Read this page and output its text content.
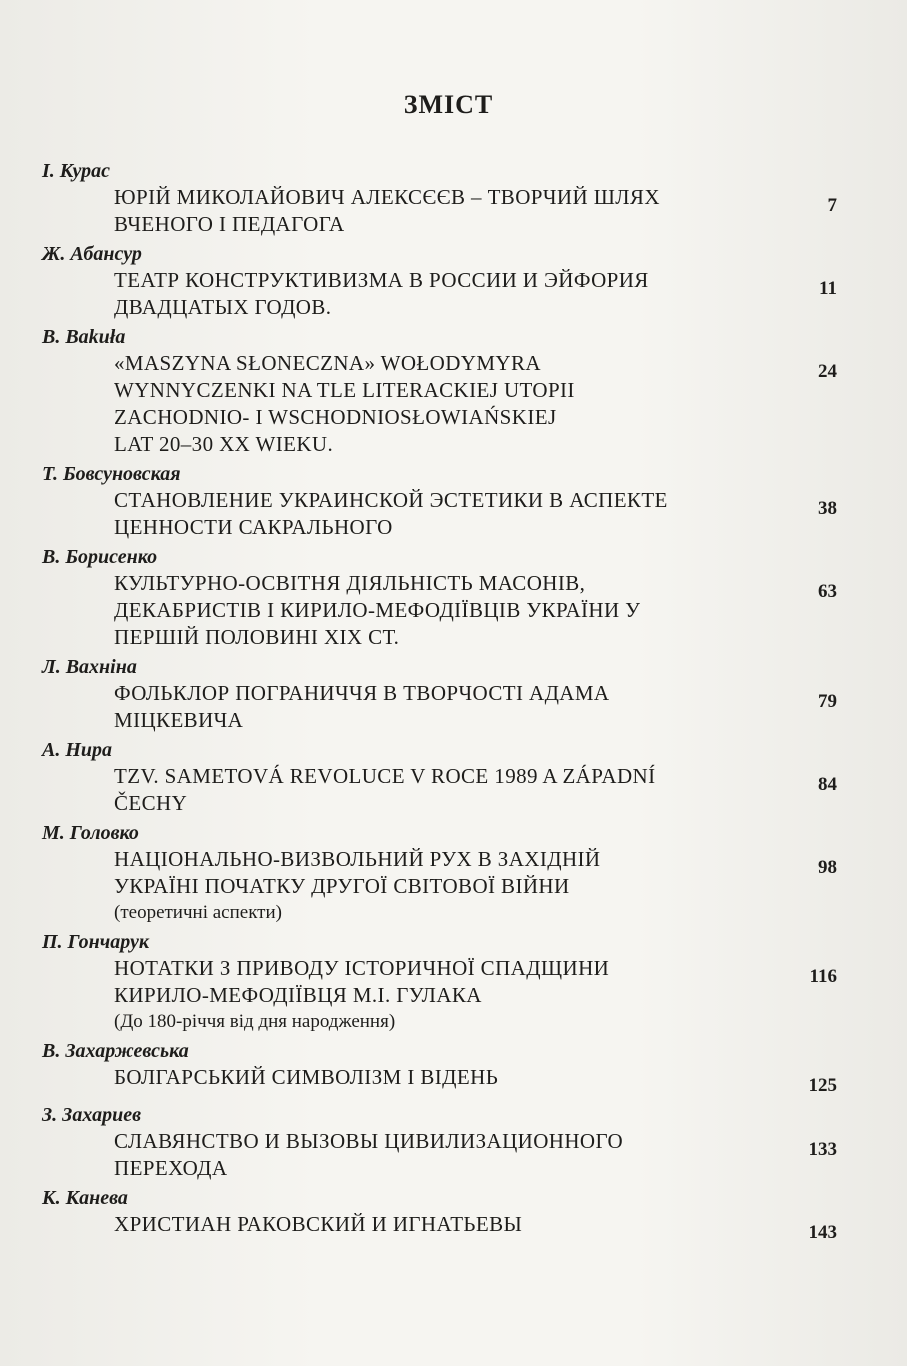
ЗМІСТ
І. Курас
ЮРІЙ МИКОЛАЙОВИЧ АЛЕКСЄЄВ – ТВОРЧИЙ ШЛЯХ
ВЧЕНОГО І ПЕДАГОГА
7
Ж. Абансур
ТЕАТР КОНСТРУКТИВИЗМА В РОССИИ И ЭЙФОРИЯ
ДВАДЦАТЫХ ГОДОВ.
11
B. Bakuła
«MASZYNA SŁONECZNA» WOŁODYMYRA
WYNNYCZENKI NA TLE LITERACKIEJ UTOPII
ZACHODNIO- I WSCHODNIOSŁOWIAŃSKIEJ
LAT 20–30 XX WIEKU.
24
Т. Бовсуновская
СТАНОВЛЕНИЕ УКРАИНСКОЙ ЭСТЕТИКИ В АСПЕКТЕ
ЦЕННОСТИ САКРАЛЬНОГО
38
В. Борисенко
КУЛЬТУРНО-ОСВІТНЯ ДІЯЛЬНІСТЬ МАСОНІВ,
ДЕКАБРИСТІВ І КИРИЛО-МЕФОДІЇВЦІВ УКРАЇНИ У
ПЕРШІЙ ПОЛОВИНІ XIX СТ.
63
Л. Вахніна
ФОЛЬКЛОР ПОГРАНИЧЧЯ В ТВОРЧОСТІ АДАМА
МІЦКЕВИЧА
79
A. Hupa
TZV. SAMETOVÁ REVOLUCE V ROCE 1989 A ZÁPADNÍ
ČECHY
84
М. Головко
НАЦІОНАЛЬНО-ВИЗВОЛЬНИЙ РУХ В ЗАХІДНІЙ
УКРАЇНІ ПОЧАТКУ ДРУГОЇ СВІТОВОЇ ВІЙНИ
(теоретичні аспекти)
98
П. Гончарук
НОТАТКИ З ПРИВОДУ ІСТОРИЧНОЇ СПАДЩИНИ
КИРИЛО-МЕФОДІЇВЦЯ М.І. ГУЛАКА
(До 180-річчя від дня народження)
116
В. Захаржевська
БОЛГАРСЬКИЙ СИМВОЛІЗМ І ВІДЕНЬ	125
З. Захариев
СЛАВЯНСТВО И ВЫЗОВЫ ЦИВИЛИЗАЦИОННОГО
ПЕРЕХОДА
133
К. Канева
ХРИСТИАН РАКОВСКИЙ И ИГНАТЬЕВЫ	143
